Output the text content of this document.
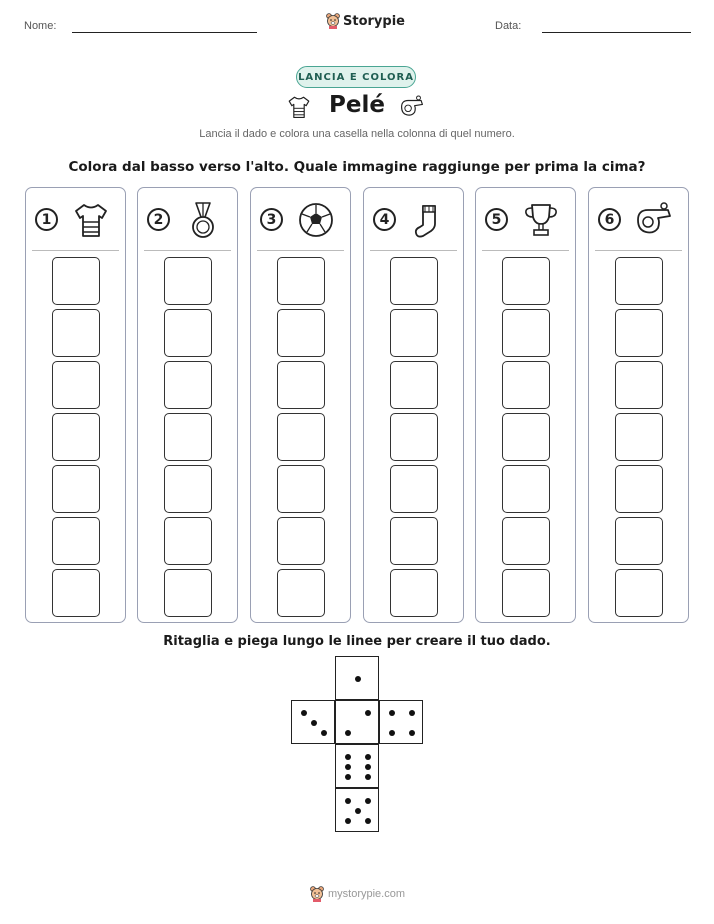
Nome:	Storypie	Data:
LANCIA E COLORA
Pelé
Lancia il dado e colora una casella nella colonna di quel numero.
Colora dal basso verso l'alto. Quale immagine raggiunge per prima la cima?
1	2	3	4	5	6
Ritaglia e piega lungo le linee per creare il tuo dado.
mystorypie.com
